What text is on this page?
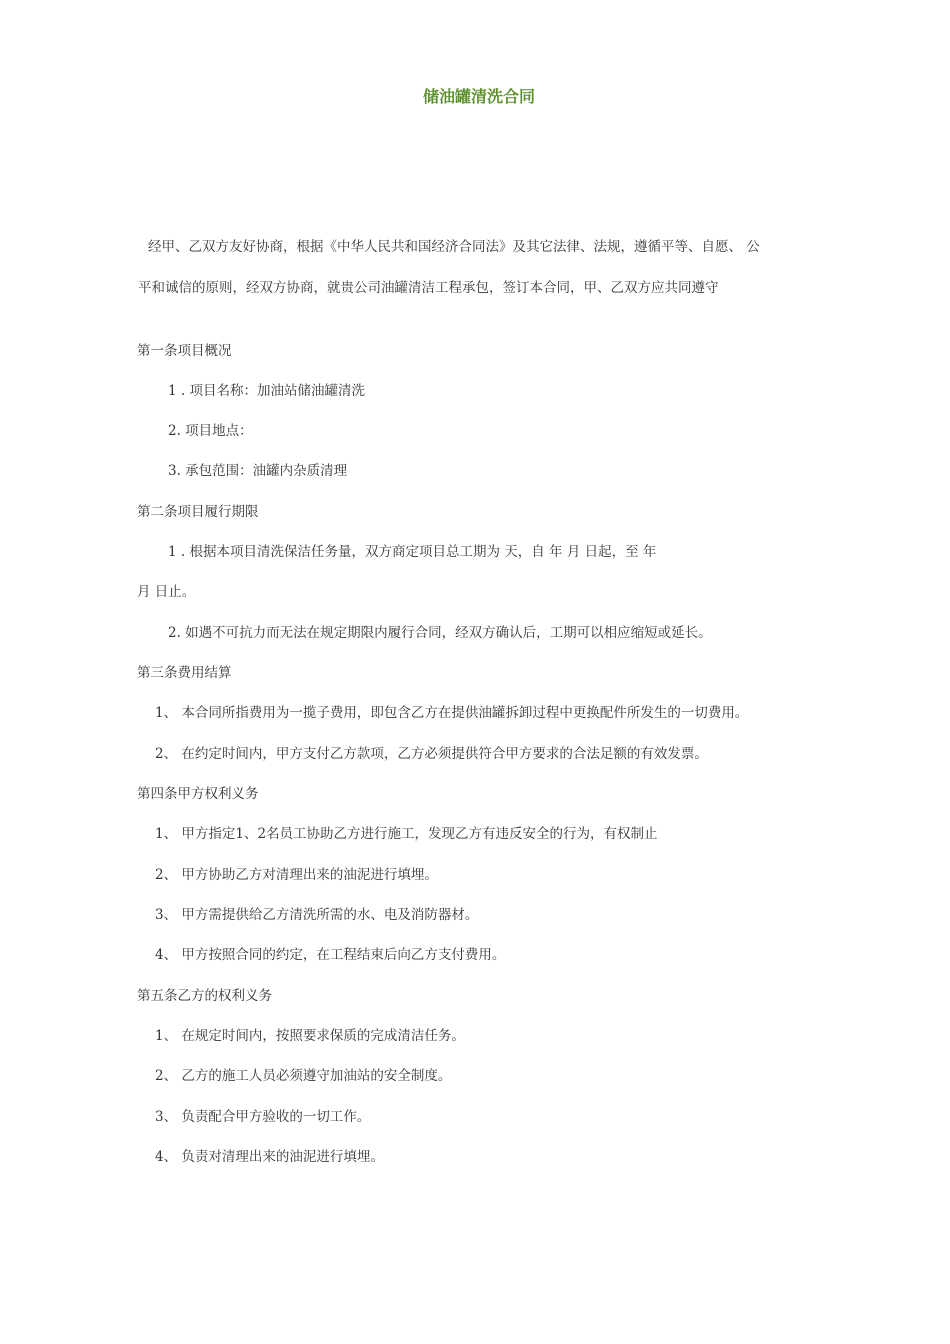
储油罐清洗合同
经甲、乙双方友好协商，根据《中华人民共和国经济合同法》及其它法律、法规，遵循平等、自愿、 公
平和诚信的原则，经双方协商，就贵公司油罐清洁工程承包，签订本合同，甲、乙双方应共同遵守
第一条项目概况
1 . 项目名称：加油站储油罐清洗
2. 项目地点：
3. 承包范围：油罐内杂质清理
第二条项目履行期限
1 . 根据本项目清洗保洁任务量，双方商定项目总工期为 天，自 年 月 日起，至 年
月 日止。
2. 如遇不可抗力而无法在规定期限内履行合同，经双方确认后，工期可以相应缩短或延长。
第三条费用结算
1、 本合同所指费用为一揽子费用，即包含乙方在提供油罐拆卸过程中更换配件所发生的一切费用。
2、 在约定时间内，甲方支付乙方款项，乙方必须提供符合甲方要求的合法足额的有效发票。
第四条甲方权利义务
1、 甲方指定1、2名员工协助乙方进行施工，发现乙方有违反安全的行为，有权制止
2、 甲方协助乙方对清理出来的油泥进行填埋。
3、 甲方需提供给乙方清洗所需的水、电及消防器材。
4、 甲方按照合同的约定，在工程结束后向乙方支付费用。
第五条乙方的权利义务
1、 在规定时间内，按照要求保质的完成清洁任务。
2、 乙方的施工人员必须遵守加油站的安全制度。
3、 负责配合甲方验收的一切工作。
4、 负责对清理出来的油泥进行填埋。
